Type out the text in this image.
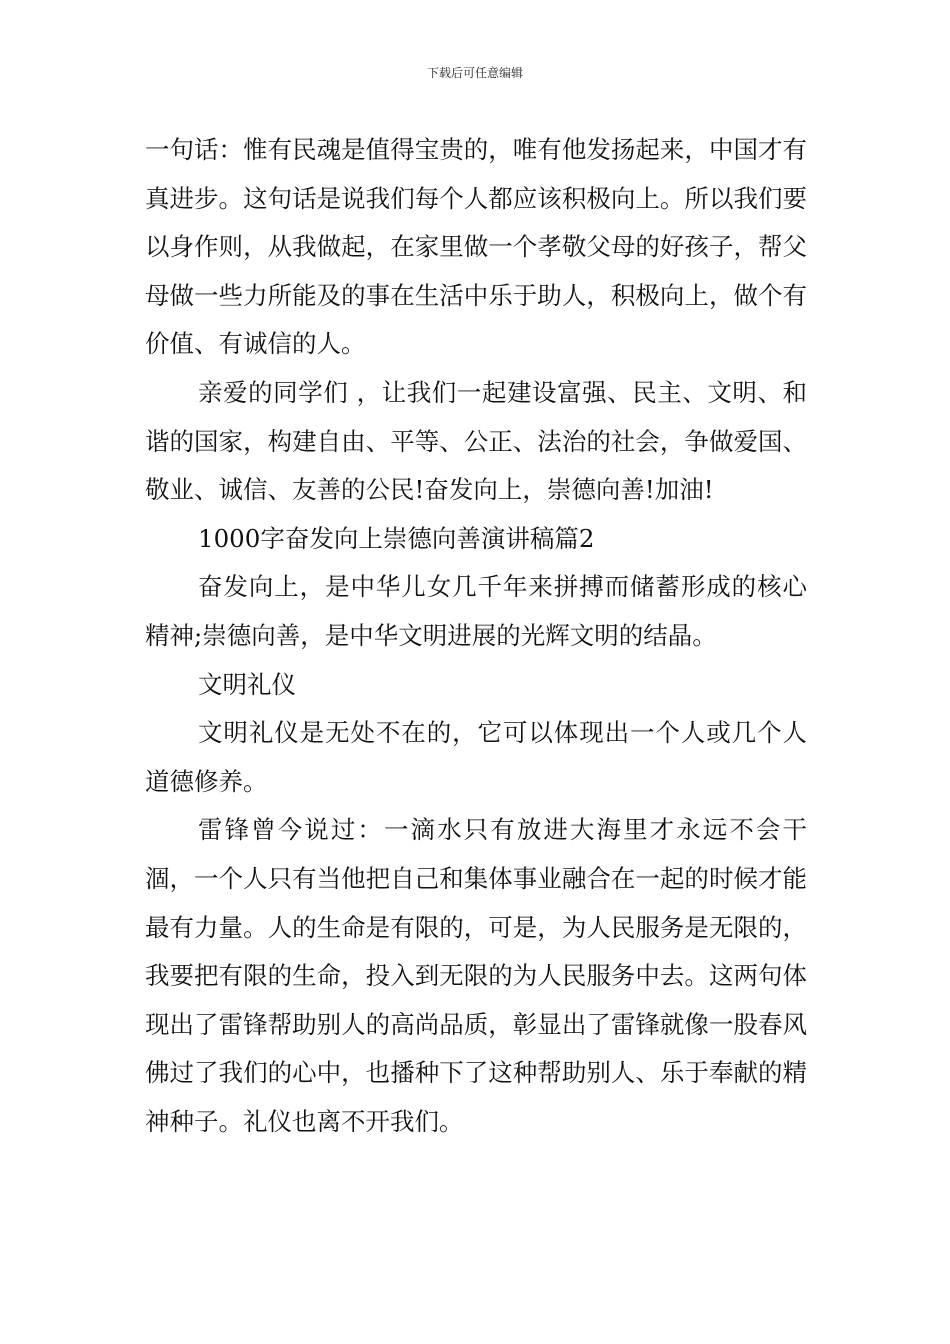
下载后可任意编辑

一句话：惟有民魂是值得宝贵的，唯有他发扬起来，中国才有真进步。这句话是说我们每个人都应该积极向上。所以我们要以身作则，从我做起，在家里做一个孝敬父母的好孩子，帮父母做一些力所能及的事在生活中乐于助人，积极向上，做个有价值、有诚信的人。

亲爱的同学们 ，让我们一起建设富强、民主、文明、和谐的国家，构建自由、平等、公正、法治的社会，争做爱国、敬业、诚信、友善的公民!奋发向上，崇德向善!加油!

1000字奋发向上崇德向善演讲稿篇2

奋发向上，是中华儿女几千年来拼搏而储蓄形成的核心精神;崇德向善，是中华文明进展的光辉文明的结晶。

文明礼仪

文明礼仪是无处不在的，它可以体现出一个人或几个人道德修养。

雷锋曾今说过：一滴水只有放进大海里才永远不会干涸，一个人只有当他把自己和集体事业融合在一起的时候才能最有力量。人的生命是有限的，可是，为人民服务是无限的，我要把有限的生命，投入到无限的为人民服务中去。这两句体现出了雷锋帮助别人的高尚品质，彰显出了雷锋就像一股春风佛过了我们的心中，也播种下了这种帮助别人、乐于奉献的精神种子。礼仪也离不开我们。
